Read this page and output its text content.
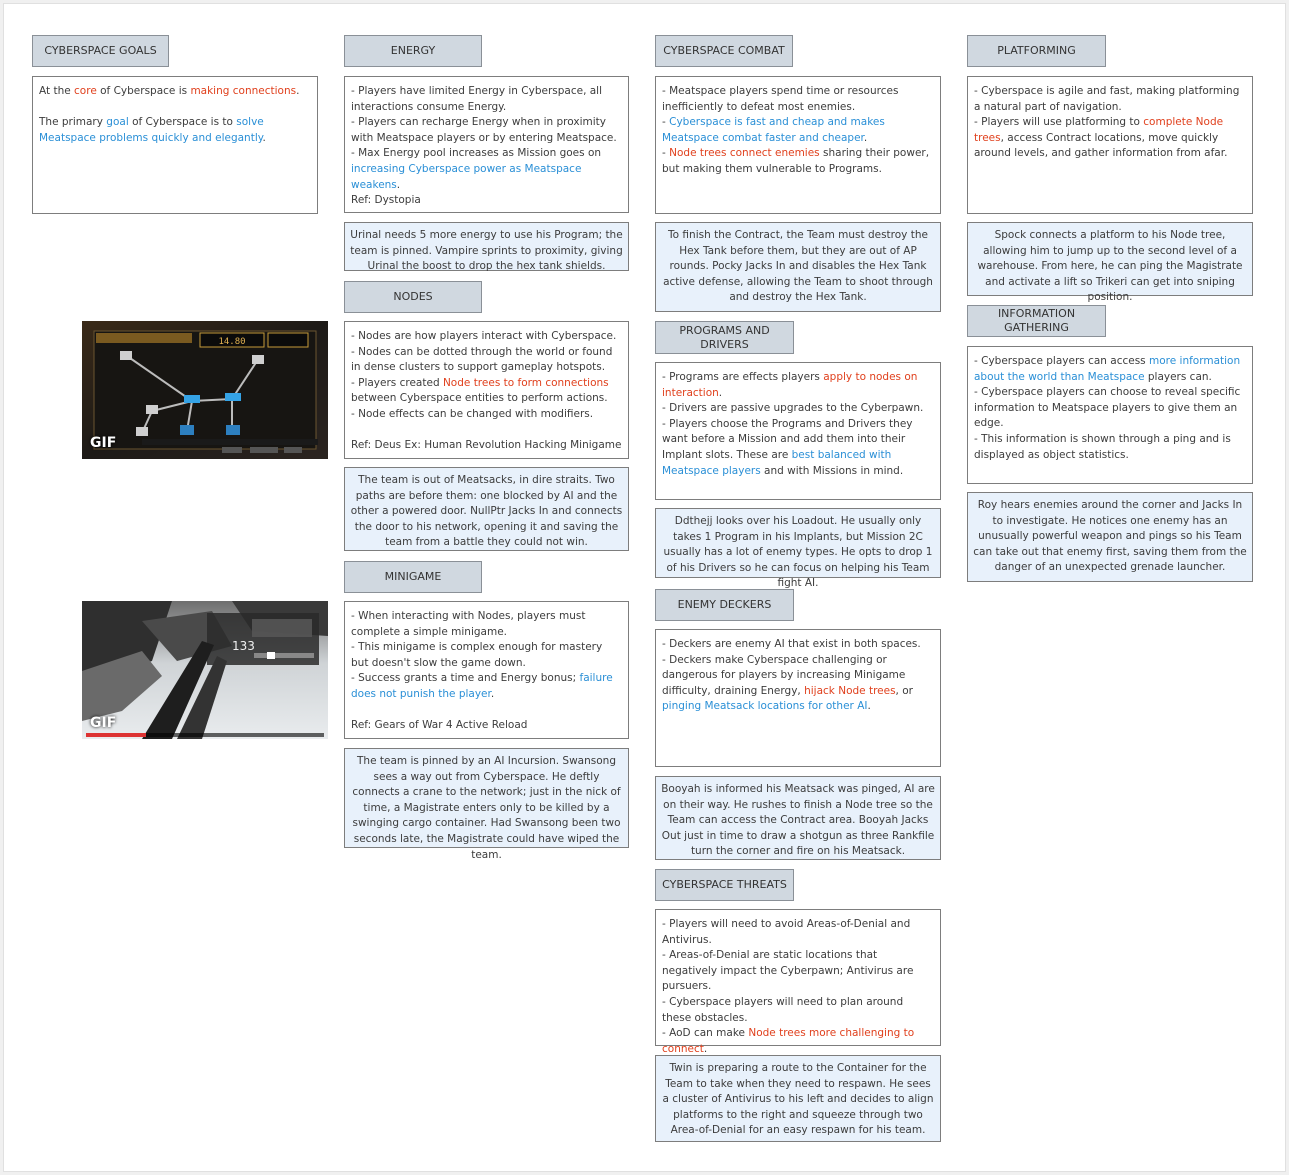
CYBERSPACE GOALS
At the core of Cyberspace is making connections.

The primary goal of Cyberspace is to solve Meatspace problems quickly and elegantly.
14.80
GIF
133
GIF
ENERGY
- Players have limited Energy in Cyberspace, all interactions consume Energy.
- Players can recharge Energy when in proximity with Meatspace players or by entering Meatspace.
- Max Energy pool increases as Mission goes on increasing Cyberspace power as Meatspace weakens.
Ref: Dystopia
Urinal needs 5 more energy to use his Program; the team is pinned. Vampire sprints to proximity, giving Urinal the boost to drop the hex tank shields.
NODES
- Nodes are how players interact with Cyberspace.
- Nodes can be dotted through the world or found in dense clusters to support gameplay hotspots.
- Players created Node trees to form connections between Cyberspace entities to perform actions.
- Node effects can be changed with modifiers.

Ref: Deus Ex: Human Revolution Hacking Minigame
The team is out of Meatsacks, in dire straits. Two paths are before them: one blocked by AI and the other a powered door. NullPtr Jacks In and connects the door to his network, opening it and saving the team from a battle they could not win.
MINIGAME
- When interacting with Nodes, players must complete a simple minigame.
- This minigame is complex enough for mastery but doesn't slow the game down.
- Success grants a time and Energy bonus; failure does not punish the player.

Ref: Gears of War 4 Active Reload
The team is pinned by an AI Incursion. Swansong sees a way out from Cyberspace. He deftly connects a crane to the network; just in the nick of time, a Magistrate enters only to be killed by a swinging cargo container. Had Swansong been two seconds late, the Magistrate could have wiped the team.
CYBERSPACE COMBAT
- Meatspace players spend time or resources inefficiently to defeat most enemies.
- Cyberspace is fast and cheap and makes Meatspace combat faster and cheaper.
- Node trees connect enemies sharing their power, but making them vulnerable to Programs.
To finish the Contract, the Team must destroy the Hex Tank before them, but they are out of AP rounds. Pocky Jacks In and disables the Hex Tank active defense, allowing the Team to shoot through and destroy the Hex Tank.
PROGRAMS AND DRIVERS
- Programs are effects players apply to nodes on interaction.
- Drivers are passive upgrades to the Cyberpawn.
- Players choose the Programs and Drivers they want before a Mission and add them into their Implant slots. These are best balanced with Meatspace players and with Missions in mind.
Ddthejj looks over his Loadout. He usually only takes 1 Program in his Implants, but Mission 2C usually has a lot of enemy types. He opts to drop 1 of his Drivers so he can focus on helping his Team fight AI.
ENEMY DECKERS
- Deckers are enemy AI that exist in both spaces.
- Deckers make Cyberspace challenging or dangerous for players by increasing Minigame difficulty, draining Energy, hijack Node trees, or pinging Meatsack locations for other AI.
Booyah is informed his Meatsack was pinged, AI are on their way. He rushes to finish a Node tree so the Team can access the Contract area. Booyah Jacks Out just in time to draw a shotgun as three Rankfile turn the corner and fire on his Meatsack.
CYBERSPACE THREATS
- Players will need to avoid Areas-of-Denial and Antivirus.
- Areas-of-Denial are static locations that negatively impact the Cyberpawn; Antivirus are pursuers.
- Cyberspace players will need to plan around these obstacles.
- AoD can make Node trees more challenging to connect.
Twin is preparing a route to the Container for the Team to take when they need to respawn. He sees a cluster of Antivirus to his left and decides to align platforms to the right and squeeze through two Area-of-Denial for an easy respawn for his team.
PLATFORMING
- Cyberspace is agile and fast, making platforming a natural part of navigation.
- Players will use platforming to complete Node trees, access Contract locations, move quickly around levels, and gather information from afar.
Spock connects a platform to his Node tree, allowing him to jump up to the second level of a warehouse. From here, he can ping the Magistrate and activate a lift so Trikeri can get into sniping position.
INFORMATION GATHERING
- Cyberspace players can access more information about the world than Meatspace players can.
- Cyberspace players can choose to reveal specific information to Meatspace players to give them an edge.
- This information is shown through a ping and is displayed as object statistics.
Roy hears enemies around the corner and Jacks In to investigate. He notices one enemy has an unusually powerful weapon and pings so his Team can take out that enemy first, saving them from the danger of an unexpected grenade launcher.
